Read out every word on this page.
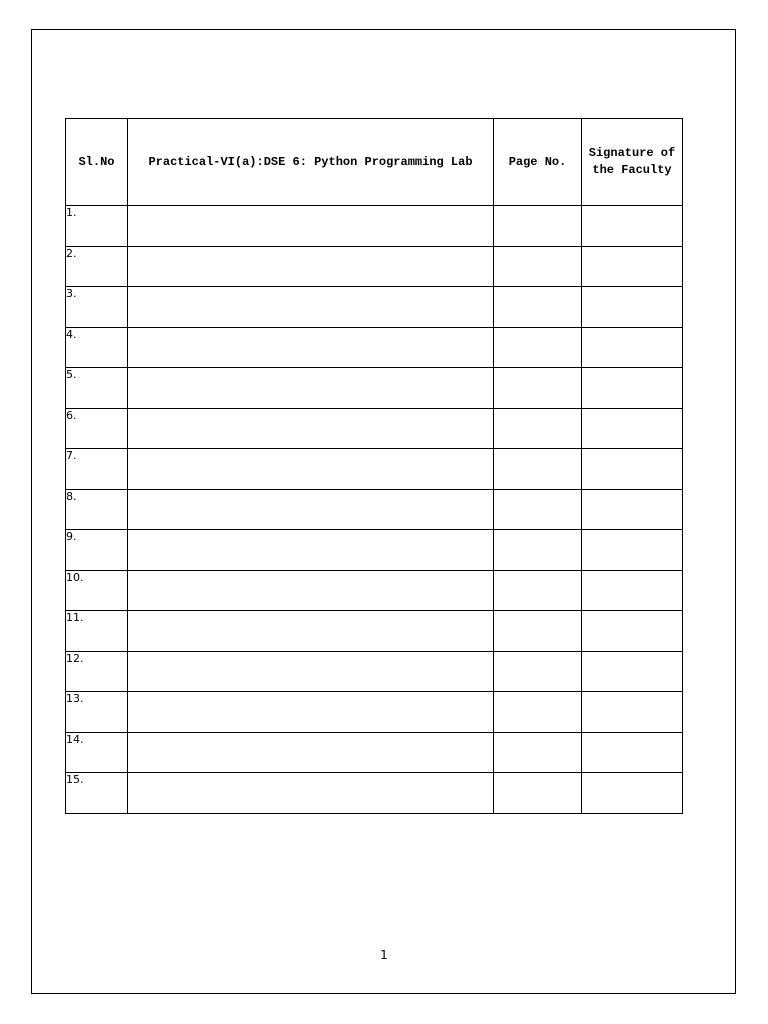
Sl.No	Practical-VI(a):DSE 6: Python Programming Lab	Page No.	Signature of the Faculty
1.			
2.			
3.			
4.			
5.			
6.			
7.			
8.			
9.			
10.			
11.			
12.			
13.			
14.			
15.			
1
